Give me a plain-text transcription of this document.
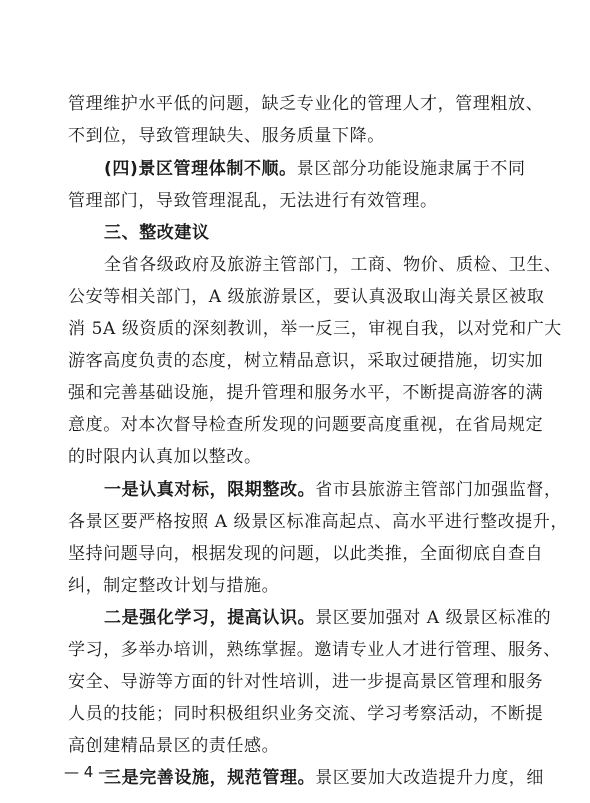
管理维护水平低的问题，缺乏专业化的管理人才，管理粗放、
不到位，导致管理缺失、服务质量下降。
(四)景区管理体制不顺。景区部分功能设施隶属于不同
管理部门，导致管理混乱，无法进行有效管理。
三、整改建议
全省各级政府及旅游主管部门，工商、物价、质检、卫生、
公安等相关部门，A 级旅游景区，要认真汲取山海关景区被取
消 5A 级资质的深刻教训，举一反三，审视自我，以对党和广大
游客高度负责的态度，树立精品意识，采取过硬措施，切实加
强和完善基础设施，提升管理和服务水平，不断提高游客的满
意度。对本次督导检查所发现的问题要高度重视，在省局规定
的时限内认真加以整改。
一是认真对标，限期整改。省市县旅游主管部门加强监督，
各景区要严格按照 A 级景区标准高起点、高水平进行整改提升，
坚持问题导向，根据发现的问题，以此类推，全面彻底自查自
纠，制定整改计划与措施。
二是强化学习，提高认识。景区要加强对 A 级景区标准的
学习，多举办培训，熟练掌握。邀请专业人才进行管理、服务、
安全、导游等方面的针对性培训，进一步提高景区管理和服务
人员的技能；同时积极组织业务交流、学习考察活动，不断提
高创建精品景区的责任感。
三是完善设施，规范管理。景区要加大改造提升力度，细
— 4 —
